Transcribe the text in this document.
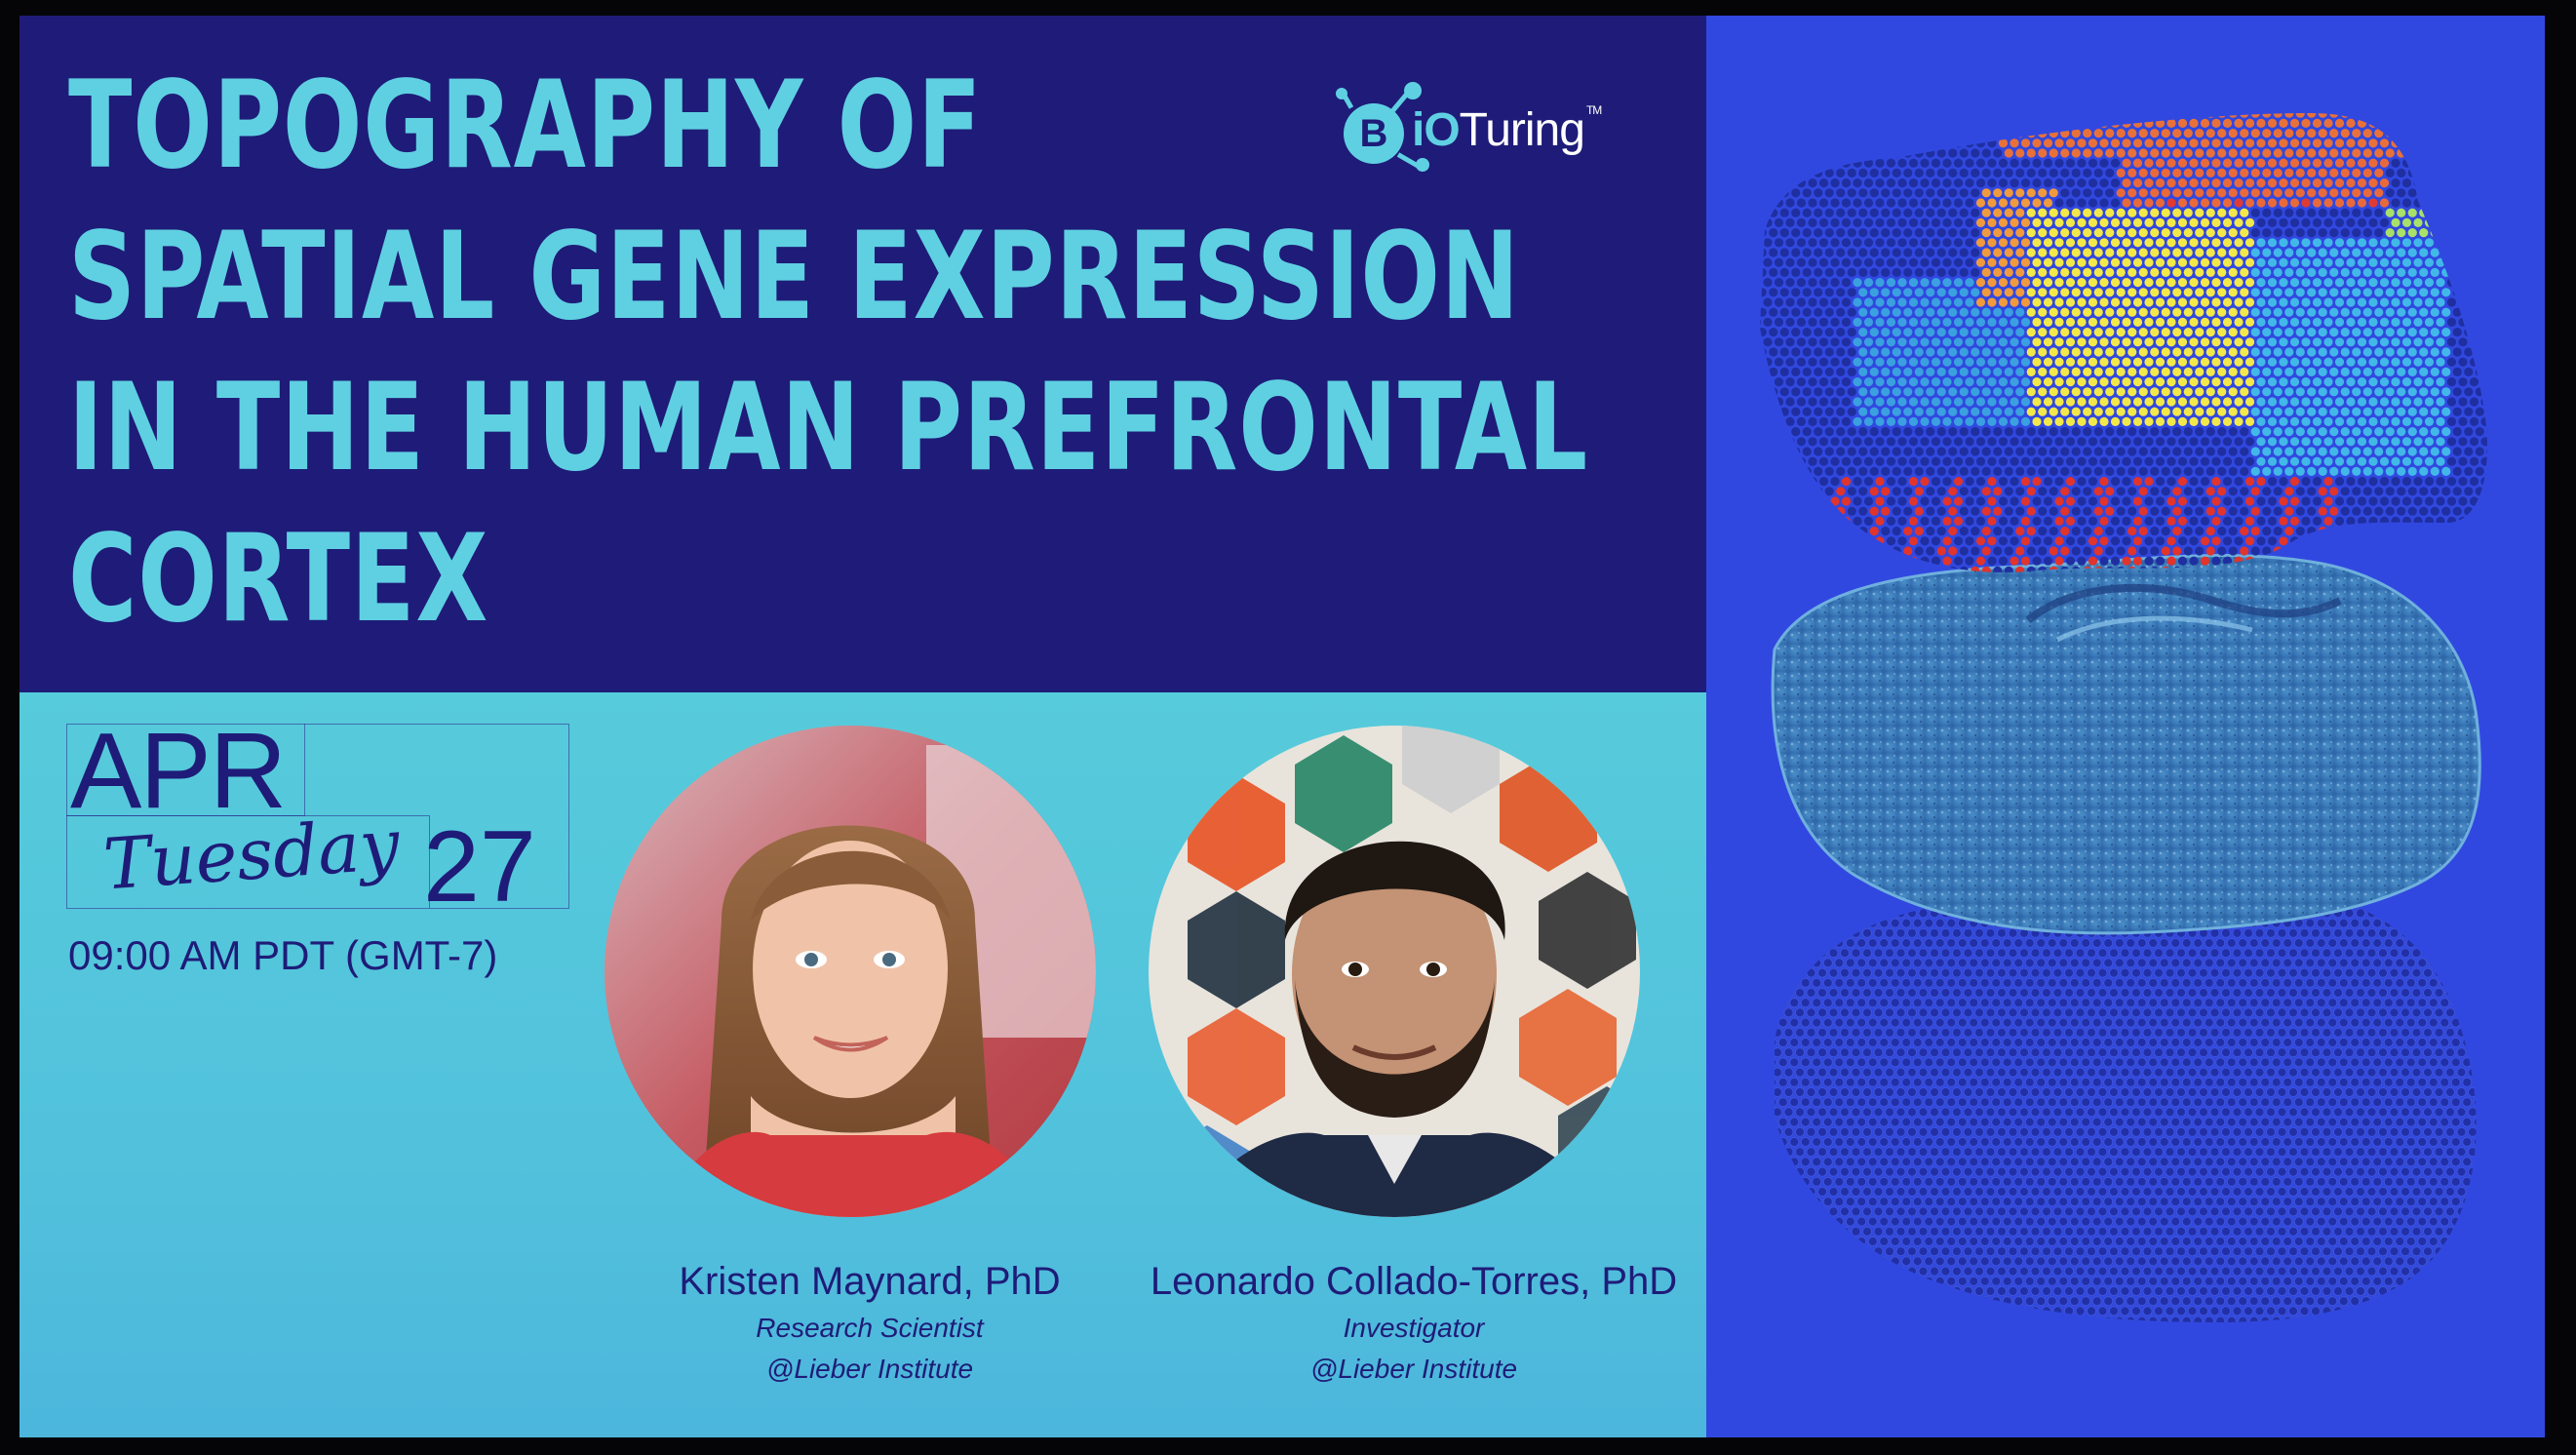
TOPOGRAPHY OF
SPATIAL GENE EXPRESSION
IN THE HUMAN PREFRONTAL
CORTEX
B iOTuring ™
APR
Tuesday 27
09:00 AM PDT (GMT-7)
Kristen Maynard, PhD
Research Scientist
@Lieber Institute
Leonardo Collado-Torres, PhD
Investigator
@Lieber Institute
